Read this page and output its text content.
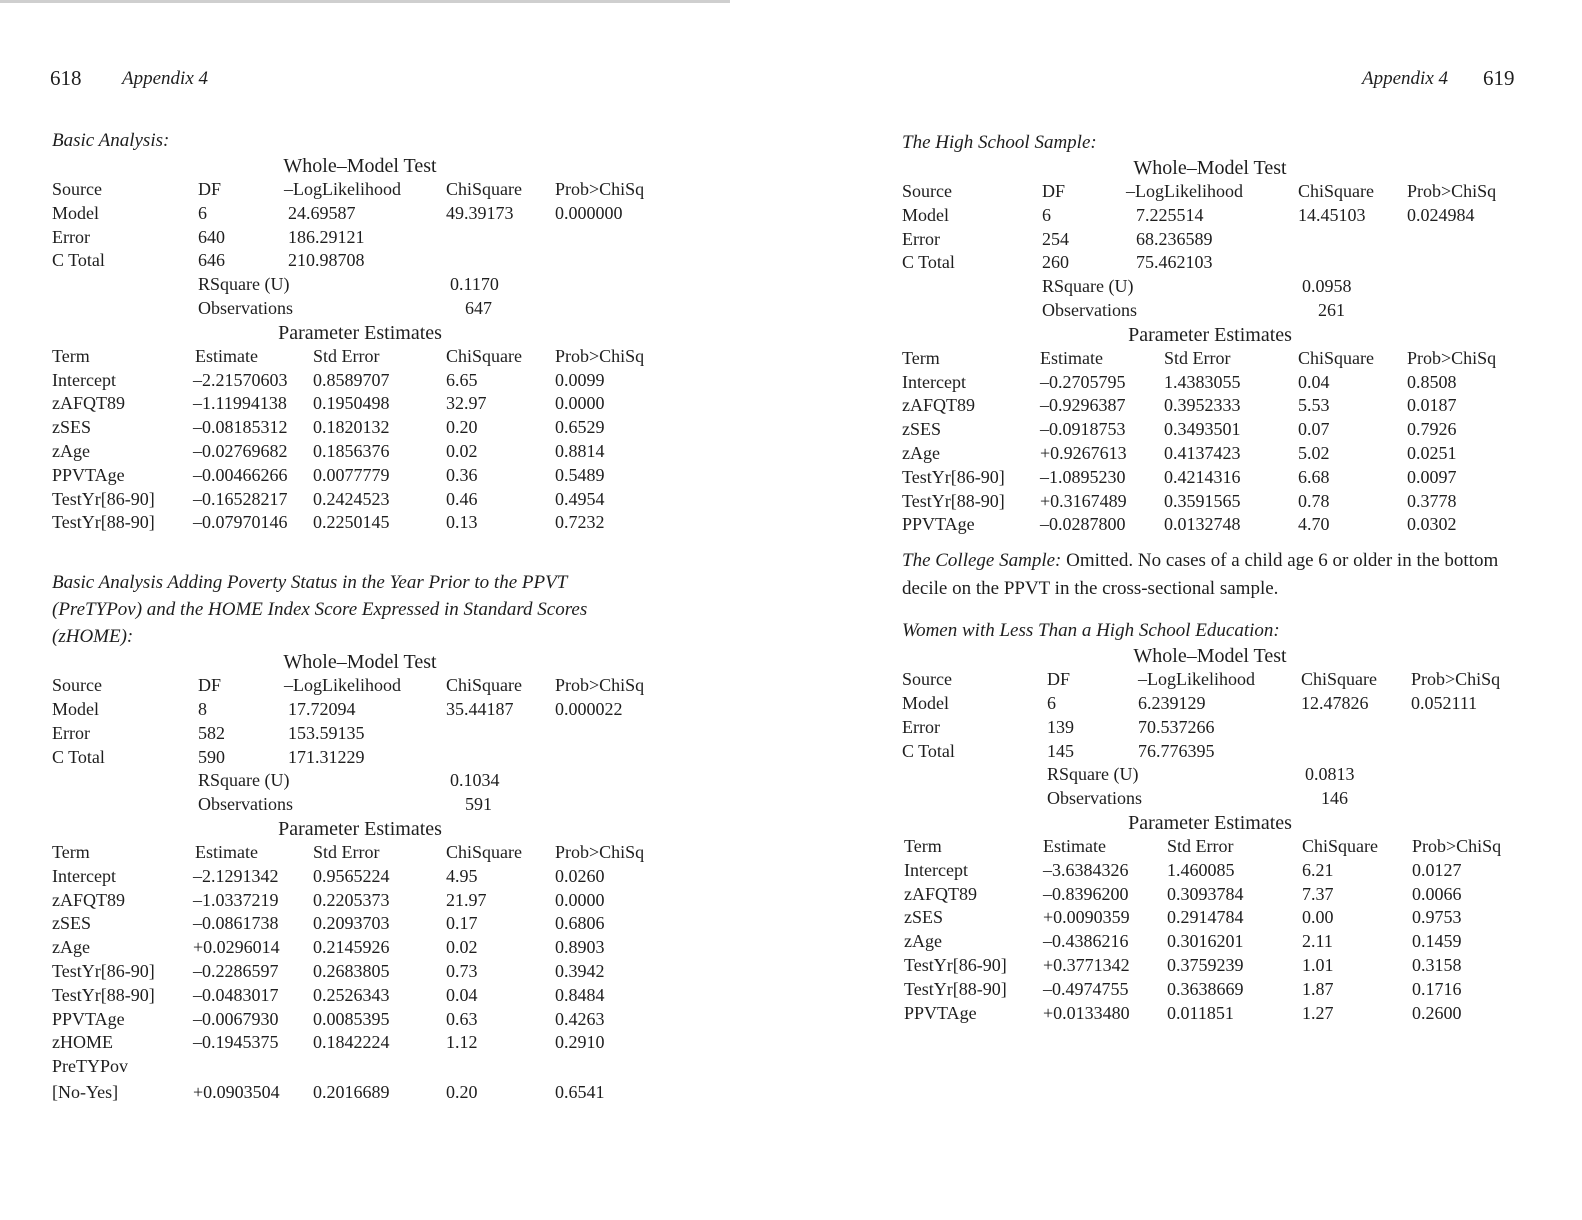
618 Appendix 4	Appendix 4 619
Basic Analysis:
Whole–Model Test
Source	DF	–LogLikelihood	ChiSquare Prob>ChiSq
Model	6	24.69587	49.39173 0.000000
Error	640	186.29121
C Total	646	210.98708
RSquare (U)	0.1170
Observations	647
Parameter Estimates
Term	Estimate	Std Error	ChiSquare Prob>ChiSq
Intercept	–2.21570603 0.8589707	6.65	0.0099
zAFQT89	–1.11994138 0.1950498	32.97	0.0000
zSES	–0.08185312 0.1820132	0.20	0.6529
zAge	–0.02769682 0.1856376	0.02	0.8814
PPVTAge	–0.00466266 0.0077779	0.36	0.5489
TestYr[86-90] –0.16528217 0.2424523	0.46	0.4954
TestYr[88-90] –0.07970146 0.2250145	0.13	0.7232
Basic Analysis Adding Poverty Status in the Year Prior to the PPVT (PreTYPov) and the HOME Index Score Expressed in Standard Scores (zHOME):
Whole–Model Test
Source	DF	–LogLikelihood	ChiSquare Prob>ChiSq
Model	8	17.72094	35.44187 0.000022
Error	582	153.59135
C Total	590	171.31229
RSquare (U)	0.1034
Observations	591
Parameter Estimates
Term	Estimate	Std Error	ChiSquare Prob>ChiSq
Intercept	–2.1291342 0.9565224	4.95	0.0260
zAFQT89	–1.0337219 0.2205373	21.97	0.0000
zSES	–0.0861738 0.2093703	0.17	0.6806
zAge	+0.0296014 0.2145926	0.02	0.8903
TestYr[86-90] –0.2286597 0.2683805	0.73	0.3942
TestYr[88-90] –0.0483017 0.2526343	0.04	0.8484
PPVTAge	–0.0067930 0.0085395	0.63	0.4263
zHOME	–0.1945375 0.1842224	1.12	0.2910
PreTYPov
[No-Yes]	+0.0903504 0.2016689	0.20	0.6541
The High School Sample:
Whole–Model Test
Source	DF	–LogLikelihood	ChiSquare Prob>ChiSq
Model	6	7.225514	14.45103 0.024984
Error	254	68.236589
C Total	260	75.462103
RSquare (U)	0.0958
Observations	261
Parameter Estimates
Term	Estimate	Std Error	ChiSquare Prob>ChiSq
Intercept	–0.2705795 1.4383055	0.04	0.8508
zAFQT89	–0.9296387 0.3952333	5.53	0.0187
zSES	–0.0918753 0.3493501	0.07	0.7926
zAge	+0.9267613 0.4137423	5.02	0.0251
TestYr[86-90] –1.0895230 0.4214316	6.68	0.0097
TestYr[88-90] +0.3167489 0.3591565	0.78	0.3778
PPVTAge	–0.0287800 0.0132748	4.70	0.0302
The College Sample: Omitted. No cases of a child age 6 or older in the bottom decile on the PPVT in the cross-sectional sample.
Women with Less Than a High School Education:
Whole–Model Test
Source	DF	–LogLikelihood	ChiSquare Prob>ChiSq
Model	6	6.239129	12.47826 0.052111
Error	139	70.537266
C Total	145	76.776395
RSquare (U)	0.0813
Observations	146
Parameter Estimates
Term	Estimate	Std Error	ChiSquare Prob>ChiSq
Intercept	–3.6384326 1.460085	6.21	0.0127
zAFQT89	–0.8396200 0.3093784	7.37	0.0066
zSES	+0.0090359 0.2914784	0.00	0.9753
zAge	–0.4386216 0.3016201	2.11	0.1459
TestYr[86-90] +0.3771342 0.3759239	1.01	0.3158
TestYr[88-90] –0.4974755 0.3638669	1.87	0.1716
PPVTAge	+0.0133480 0.011851	1.27	0.2600
